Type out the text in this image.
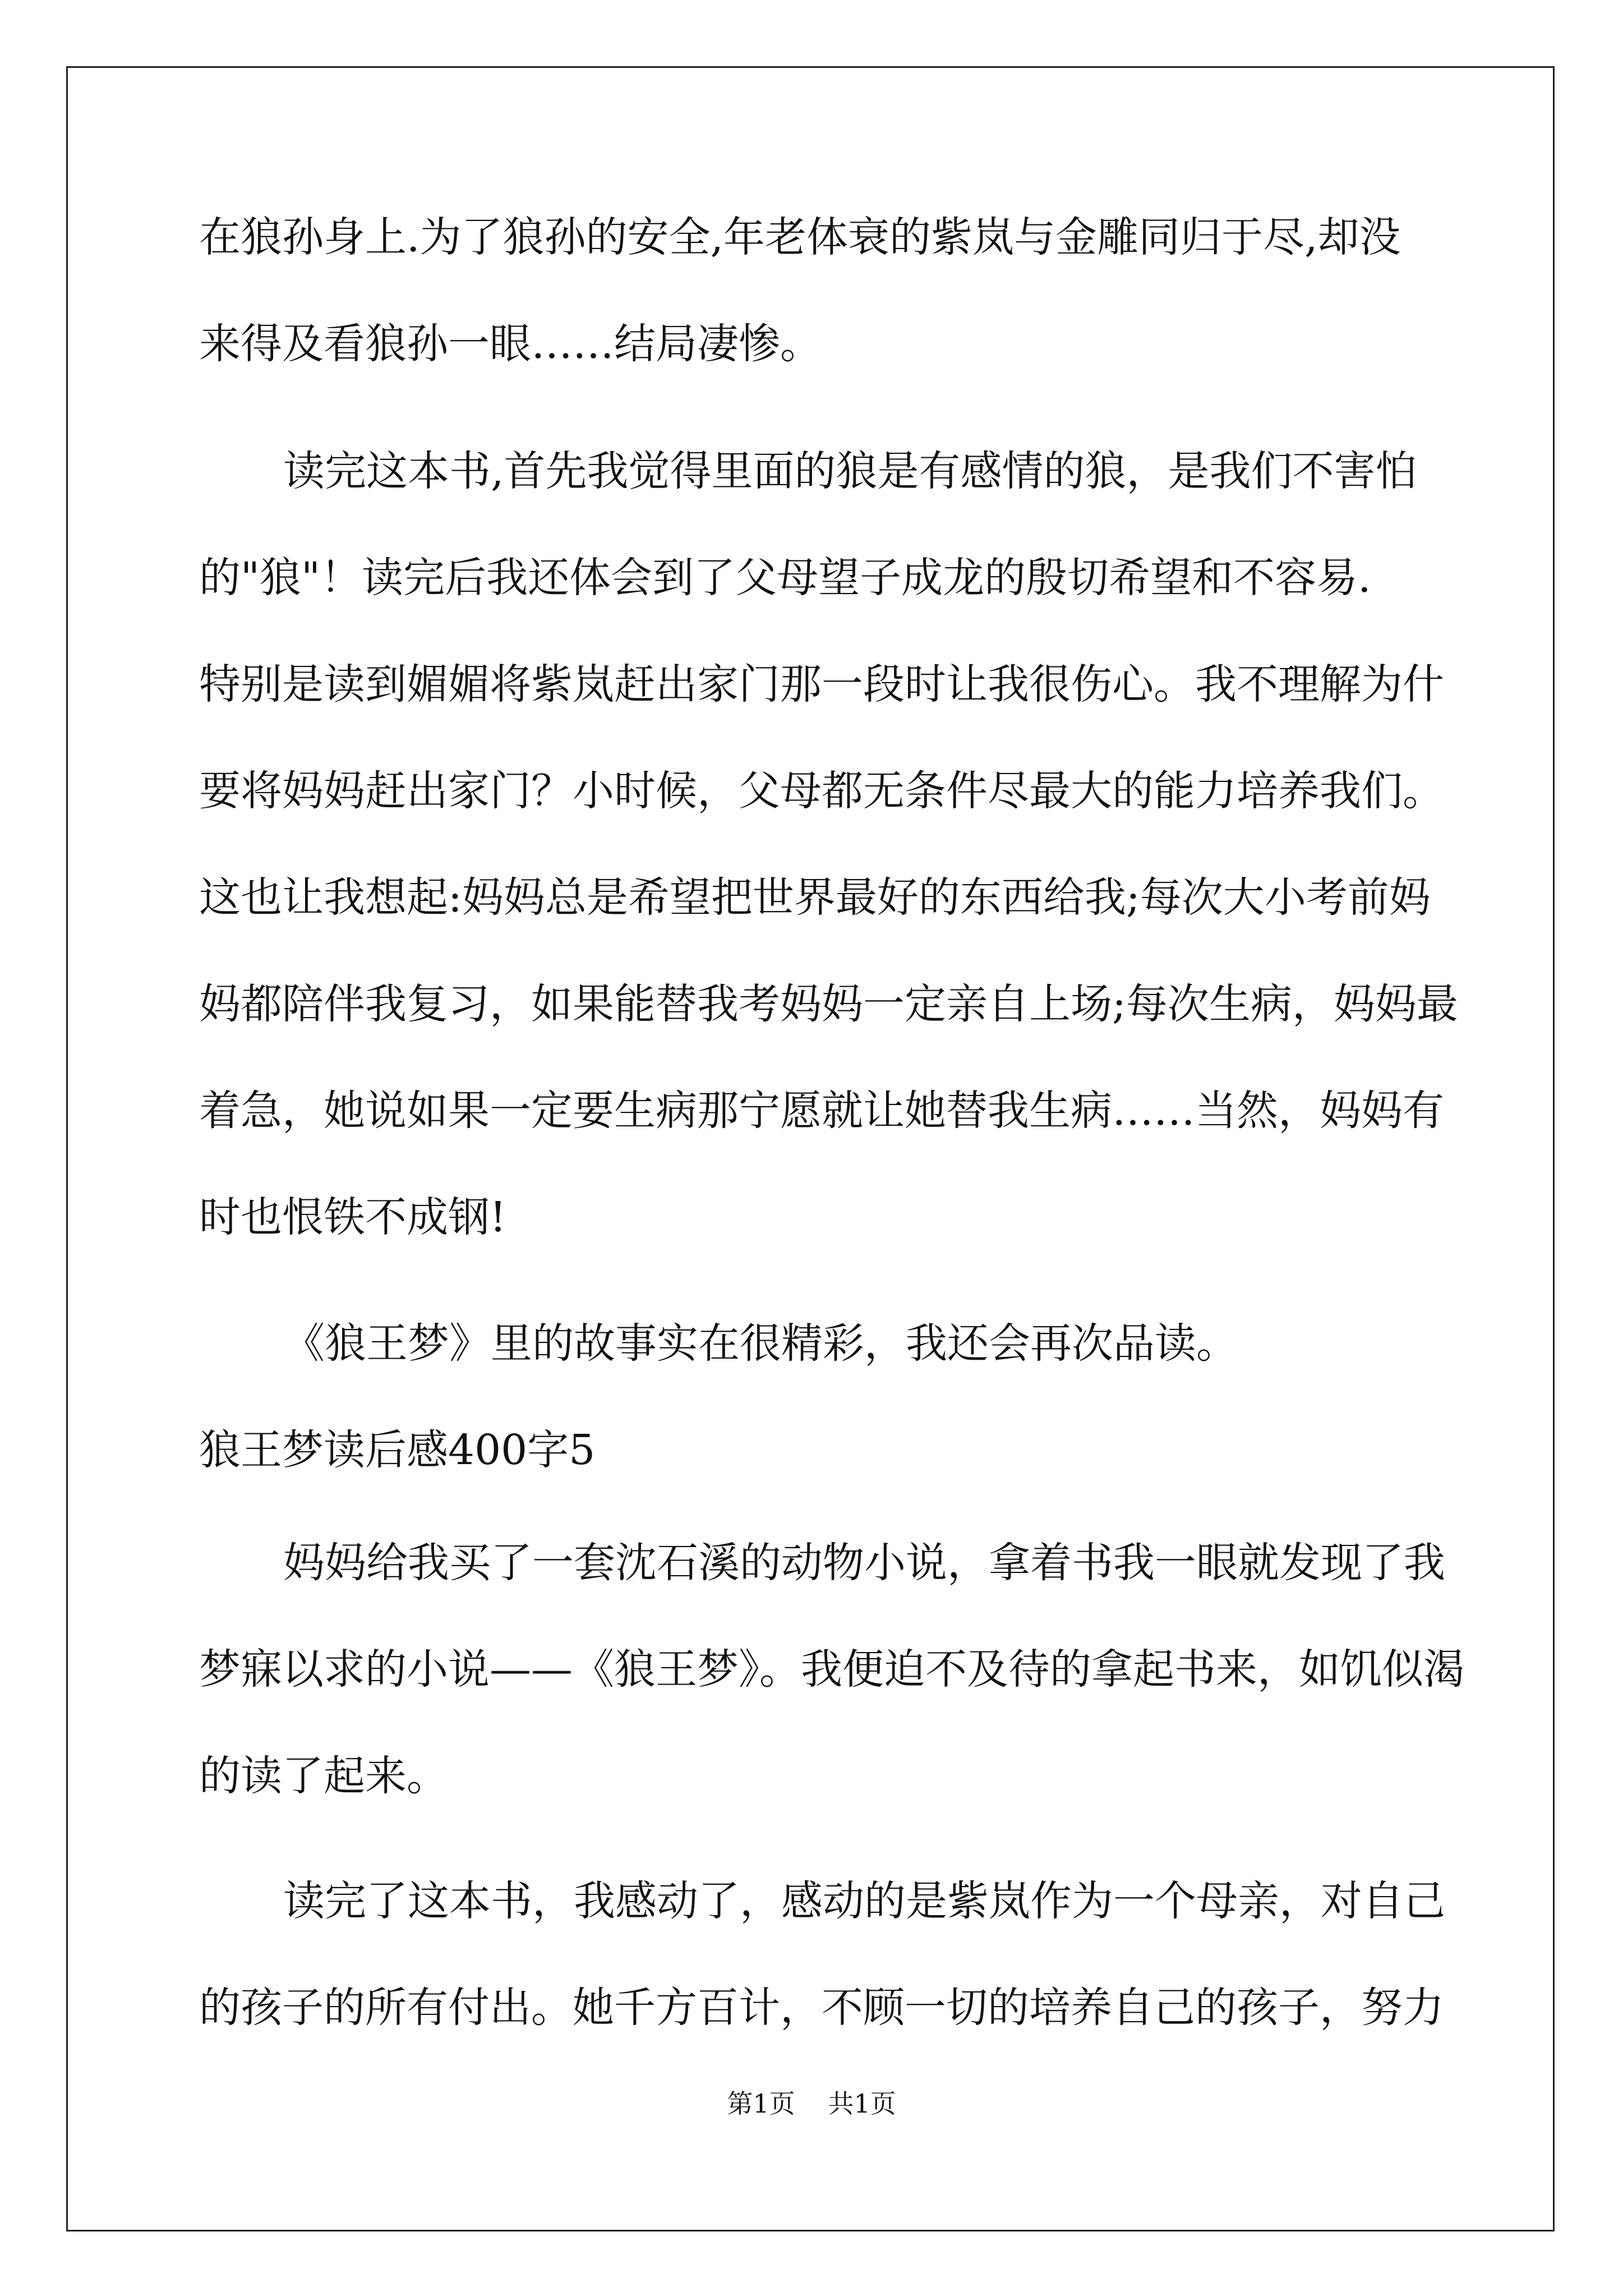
在狼孙身上.为了狼孙的安全,年老体衰的紫岚与金雕同归于尽,却没
来得及看狼孙一眼……结局凄惨。
读完这本书,首先我觉得里面的狼是有感情的狼，是我们不害怕
的"狼"！读完后我还体会到了父母望子成龙的殷切希望和不容易.
特别是读到媚媚将紫岚赶出家门那一段时让我很伤心。我不理解为什
要将妈妈赶出家门？小时候，父母都无条件尽最大的能力培养我们。
这也让我想起:妈妈总是希望把世界最好的东西给我;每次大小考前妈
妈都陪伴我复习，如果能替我考妈妈一定亲自上场;每次生病，妈妈最
着急，她说如果一定要生病那宁愿就让她替我生病……当然，妈妈有
时也恨铁不成钢!
《狼王梦》里的故事实在很精彩，我还会再次品读。
狼王梦读后感400字5
妈妈给我买了一套沈石溪的动物小说，拿着书我一眼就发现了我
梦寐以求的小说——《狼王梦》。我便迫不及待的拿起书来，如饥似渴
的读了起来。
读完了这本书，我感动了，感动的是紫岚作为一个母亲，对自己
的孩子的所有付出。她千方百计，不顾一切的培养自己的孩子，努力
第1页 共1页
